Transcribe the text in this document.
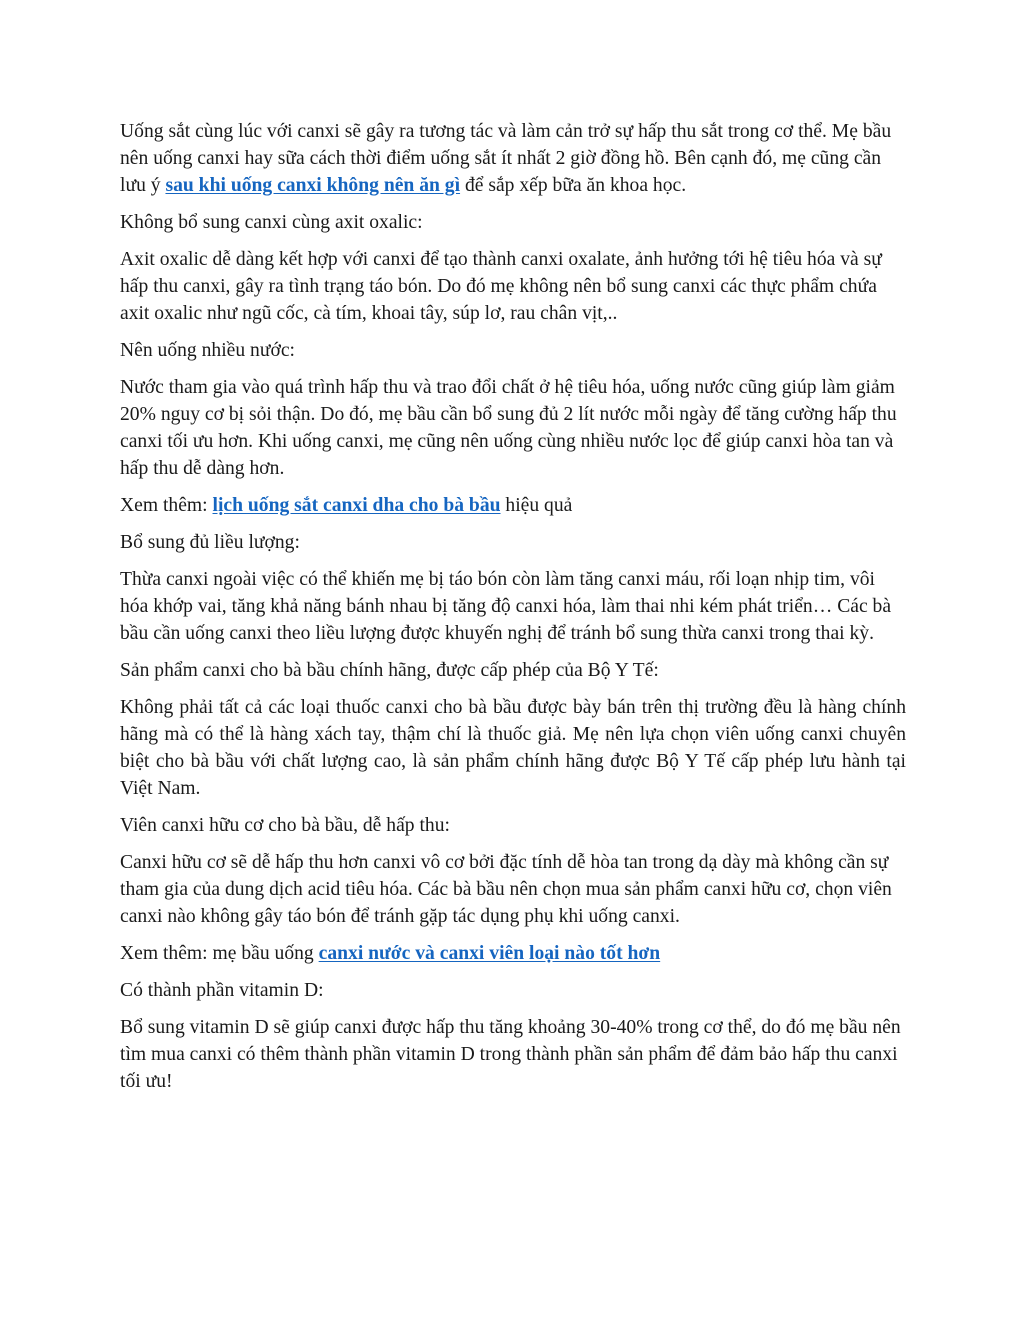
Uống sắt cùng lúc với canxi sẽ gây ra tương tác và làm cản trở sự hấp thu sắt trong cơ thể. Mẹ bầu nên uống canxi hay sữa cách thời điểm uống sắt ít nhất 2 giờ đồng hồ. Bên cạnh đó, mẹ cũng cần lưu ý sau khi uống canxi không nên ăn gì để sắp xếp bữa ăn khoa học.

Không bổ sung canxi cùng axit oxalic:

Axit oxalic dễ dàng kết hợp với canxi để tạo thành canxi oxalate, ảnh hưởng tới hệ tiêu hóa và sự hấp thu canxi, gây ra tình trạng táo bón. Do đó mẹ không nên bổ sung canxi các thực phẩm chứa axit oxalic như ngũ cốc, cà tím, khoai tây, súp lơ, rau chân vịt,..

Nên uống nhiều nước:

Nước tham gia vào quá trình hấp thu và trao đổi chất ở hệ tiêu hóa, uống nước cũng giúp làm giảm 20% nguy cơ bị sỏi thận. Do đó, mẹ bầu cần bổ sung đủ 2 lít nước mỗi ngày để tăng cường hấp thu canxi tối ưu hơn. Khi uống canxi, mẹ cũng nên uống cùng nhiều nước lọc để giúp canxi hòa tan và hấp thu dễ dàng hơn.

Xem thêm: lịch uống sắt canxi dha cho bà bầu hiệu quả

Bổ sung đủ liều lượng:

Thừa canxi ngoài việc có thể khiến mẹ bị táo bón còn làm tăng canxi máu, rối loạn nhịp tim, vôi hóa khớp vai, tăng khả năng bánh nhau bị tăng độ canxi hóa, làm thai nhi kém phát triển… Các bà bầu cần uống canxi theo liều lượng được khuyến nghị để tránh bổ sung thừa canxi trong thai kỳ.

Sản phẩm canxi cho bà bầu chính hãng, được cấp phép của Bộ Y Tế:

Không phải tất cả các loại thuốc canxi cho bà bầu được bày bán trên thị trường đều là hàng chính hãng mà có thể là hàng xách tay, thậm chí là thuốc giả. Mẹ nên lựa chọn viên uống canxi chuyên biệt cho bà bầu với chất lượng cao, là sản phẩm chính hãng được Bộ Y Tế cấp phép lưu hành tại Việt Nam.

Viên canxi hữu cơ cho bà bầu, dễ hấp thu:

Canxi hữu cơ sẽ dễ hấp thu hơn canxi vô cơ bởi đặc tính dễ hòa tan trong dạ dày mà không cần sự tham gia của dung dịch acid tiêu hóa. Các bà bầu nên chọn mua sản phẩm canxi hữu cơ, chọn viên canxi nào không gây táo bón để tránh gặp tác dụng phụ khi uống canxi.

Xem thêm: mẹ bầu uống canxi nước và canxi viên loại nào tốt hơn

Có thành phần vitamin D:

Bổ sung vitamin D sẽ giúp canxi được hấp thu tăng khoảng 30-40% trong cơ thể, do đó mẹ bầu nên tìm mua canxi có thêm thành phần vitamin D trong thành phần sản phẩm để đảm bảo hấp thu canxi tối ưu!
